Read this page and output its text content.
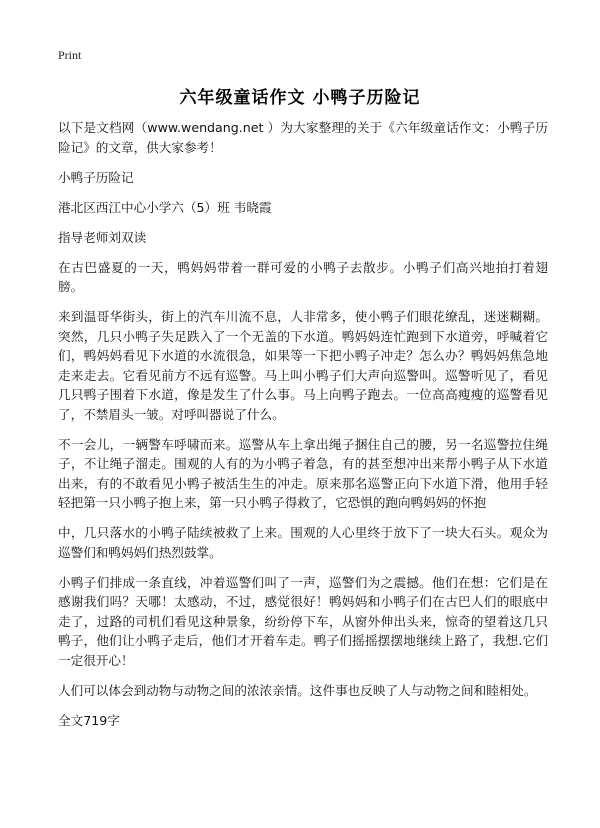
Print
六年级童话作文 小鸭子历险记

以下是文档网（www.wendang.net ）为大家整理的关于《六年级童话作文：小鸭子历险记》的文章，供大家参考！

小鸭子历险记

港北区西江中心小学六（5）班 韦晓霞

指导老师刘双读

在古巴盛夏的一天，鸭妈妈带着一群可爱的小鸭子去散步。小鸭子们高兴地拍打着翅膀。

来到温哥华街头，街上的汽车川流不息，人非常多，使小鸭子们眼花缭乱，迷迷糊糊。突然，几只小鸭子失足跌入了一个无盖的下水道。鸭妈妈连忙跑到下水道旁，呼喊着它们，鸭妈妈看见下水道的水流很急，如果等一下把小鸭子冲走？怎么办？鸭妈妈焦急地走来走去。它看见前方不远有巡警。马上叫小鸭子们大声向巡警叫。巡警听见了，看见几只鸭子围着下水道，像是发生了什么事。马上向鸭子跑去。一位高高瘦瘦的巡警看见了，不禁眉头一皱。对呼叫器说了什么。

不一会儿，一辆警车呼啸而来。巡警从车上拿出绳子捆住自己的腰，另一名巡警拉住绳子，不让绳子溜走。围观的人有的为小鸭子着急，有的甚至想冲出来帮小鸭子从下水道出来，有的不敢看见小鸭子被活生生的冲走。原来那名巡警正向下水道下滑，他用手轻轻把第一只小鸭子抱上来，第一只小鸭子得救了，它恐惧的跑向鸭妈妈的怀抱

中，几只落水的小鸭子陆续被救了上来。围观的人心里终于放下了一块大石头。观众为巡警们和鸭妈妈们热烈鼓掌。

小鸭子们排成一条直线，冲着巡警们叫了一声，巡警们为之震撼。他们在想：它们是在感谢我们吗？天哪！太感动，不过，感觉很好！鸭妈妈和小鸭子们在古巴人们的眼底中走了，过路的司机们看见这种景象，纷纷停下车，从窗外伸出头来，惊奇的望着这几只鸭子，他们让小鸭子走后，他们才开着车走。鸭子们摇摇摆摆地继续上路了，我想.它们一定很开心！

人们可以体会到动物与动物之间的浓浓亲情。这件事也反映了人与动物之间和睦相处。

全文719字
